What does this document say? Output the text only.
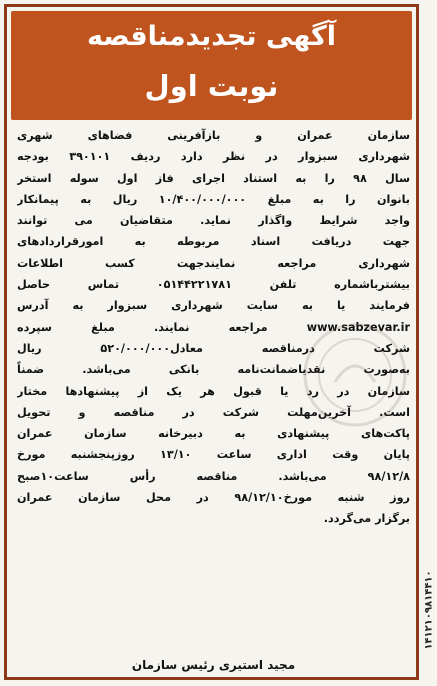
آگهی تجدیدمناقصه
نوبت اول
سازمان عمران و بازآفرینی فضاهای شهری
شهرداری سبزوار در نظر دارد ردیف ۳۹۰۱۰۱ بودجه
سال ۹۸ را به استناد اجرای فاز اول سوله استخر
بانوان را به مبلغ ۱۰/۴۰۰/۰۰۰/۰۰۰ ریال به پیمانکار
واجد شرایط واگذار نماید. متقاضیان می توانند
جهت دریافت اسناد مربوطه به امورقراردادهای
شهرداری مراجعه نمایندجهت کسب اطلاعات
بیشترباشماره تلفن ۰۵۱۴۴۲۲۱۷۸۱ تماس حاصل
فرمایند یا به سایت شهرداری سبزوار به آدرس
www.sabzevar.ir مراجعه نمایند. مبلغ سپرده
شرکت درمناقصه معادل۵۲۰/۰۰۰/۰۰۰ ریال
به‌صورت نقدیاضمانت‌نامه بانکی می‌باشد. ضمناً
سازمان در رد یا قبول هر یک از پیشنهادها مختار
است. آخرین‌مهلت شرکت در مناقصه و تحویل
پاکت‌های پیشنهادی به دبیرخانه سازمان عمران
پایان وقت اداری ساعت ۱۳/۱۰ روزپنجشنبه مورخ
۹۸/۱۲/۸ می‌باشد. مناقصه رأس ساعت۱۰صبح
روز شنبه مورخ۹۸/۱۲/۱۰ در محل سازمان عمران
برگزار می‌گردد.
مجید استیری رئیس سازمان
۱۴۱۲۱۰۹۸۱۴۴۱۰
